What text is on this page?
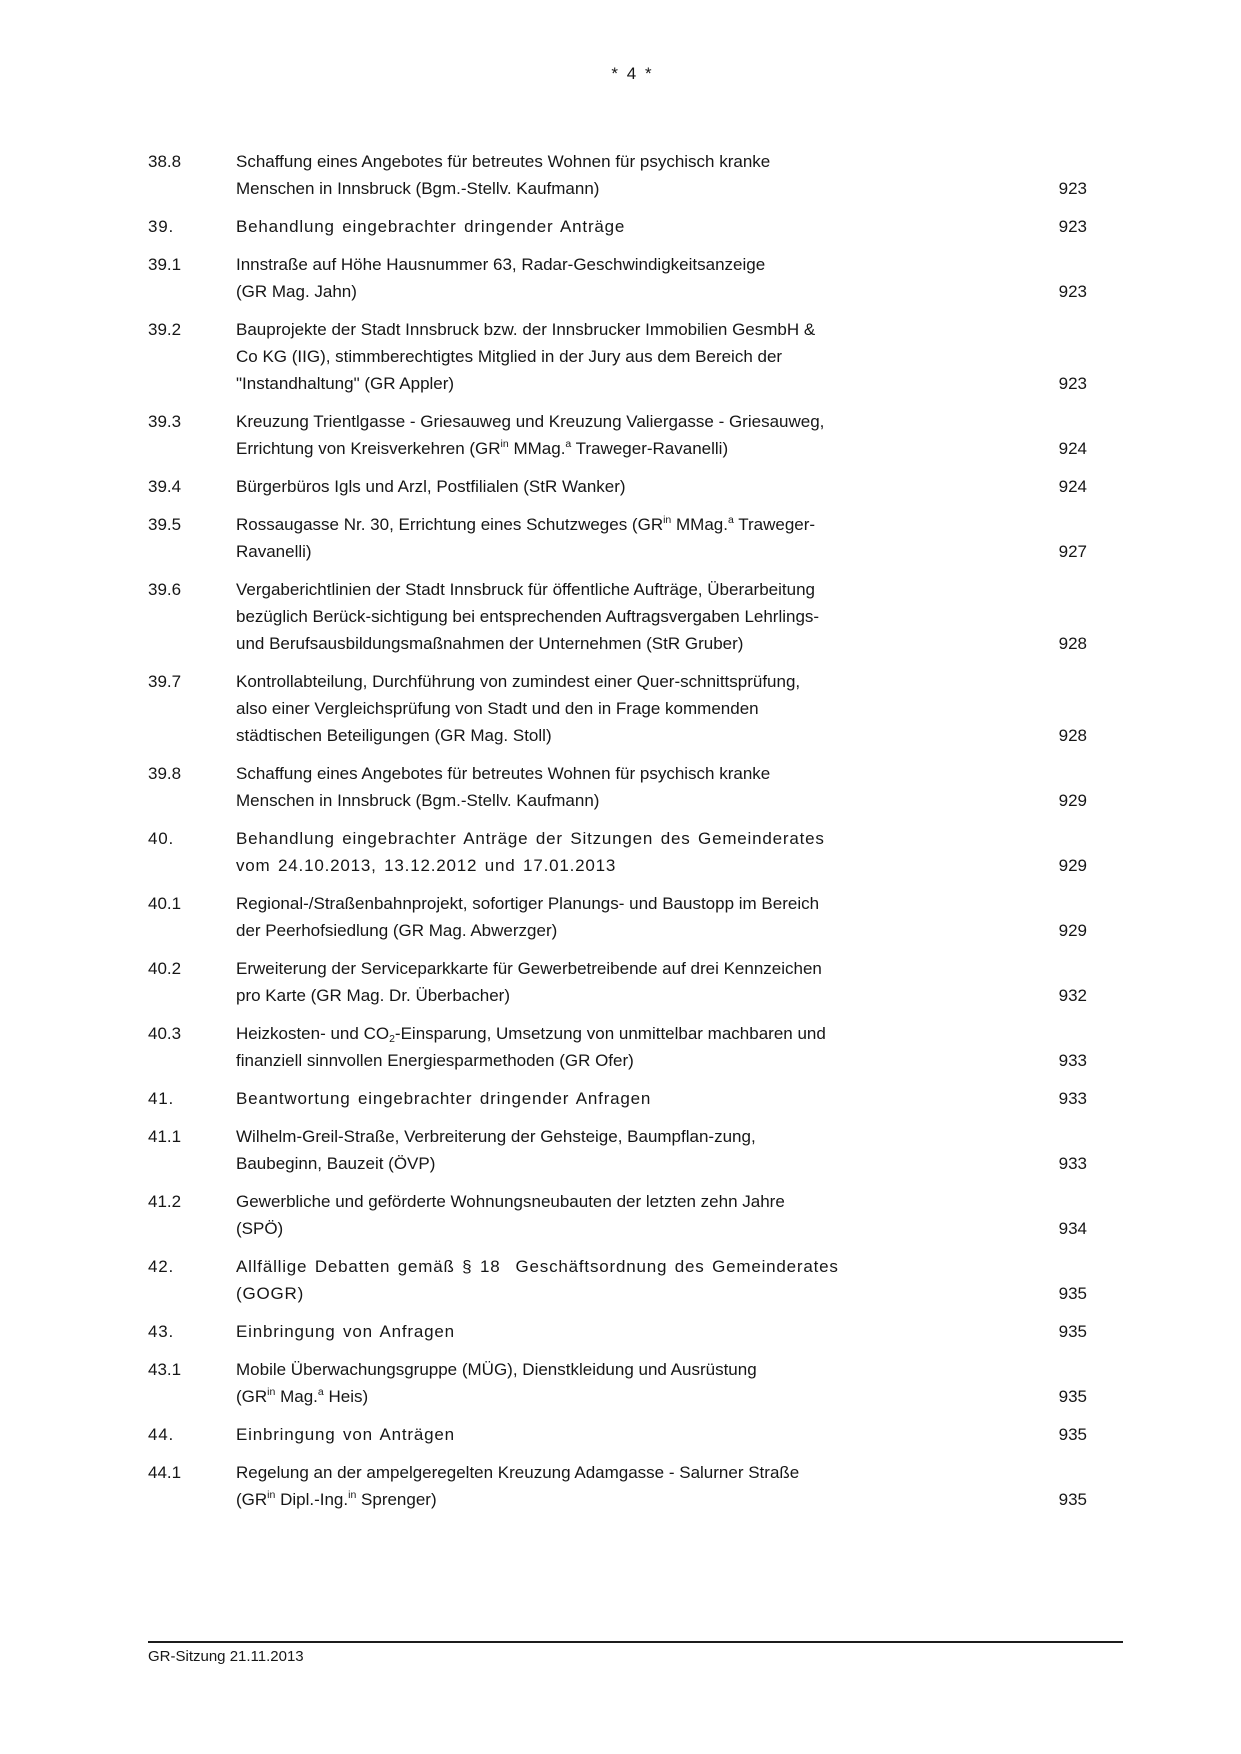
* 4 *
38.8	Schaffung eines Angebotes für betreutes Wohnen für psychisch kranke
Menschen in Innsbruck (Bgm.-Stellv. Kaufmann)	923
39.	Behandlung eingebrachter dringender Anträge	923
39.1	Innstraße auf Höhe Hausnummer 63, Radar-Geschwindigkeitsanzeige
(GR Mag. Jahn)	923
39.2	Bauprojekte der Stadt Innsbruck bzw. der Innsbrucker Immobilien GesmbH &
Co KG (IIG), stimmberechtigtes Mitglied in der Jury aus dem Bereich der
"Instandhaltung" (GR Appler)	923
39.3	Kreuzung Trientlgasse - Griesauweg und Kreuzung Valiergasse - Griesauweg,
Errichtung von Kreisverkehren ($GR^{in}$ MMag.$^a$ Traweger-Ravanelli)	924
39.4	Bürgerbüros Igls und Arzl, Postfilialen (StR Wanker)	924
39.5	Rossaugasse Nr. 30, Errichtung eines Schutzweges ($GR^{in}$ MMag.$^a$ Traweger-
Ravanelli)	927
39.6	Vergaberichtlinien der Stadt Innsbruck für öffentliche Aufträge, Überarbeitung
bezüglich Berück-sichtigung bei entsprechenden Auftragsvergaben Lehrlings-
und Berufsausbildungsmaßnahmen der Unternehmen (StR Gruber)	928
39.7	Kontrollabteilung, Durchführung von zumindest einer Quer-schnittsprüfung,
also einer Vergleichsprüfung von Stadt und den in Frage kommenden
städtischen Beteiligungen (GR Mag. Stoll)	928
39.8	Schaffung eines Angebotes für betreutes Wohnen für psychisch kranke
Menschen in Innsbruck (Bgm.-Stellv. Kaufmann)	929
40.	Behandlung eingebrachter Anträge der Sitzungen des Gemeinderates
vom 24.10.2013, 13.12.2012 und 17.01.2013	929
40.1	Regional-/Straßenbahnprojekt, sofortiger Planungs- und Baustopp im Bereich
der Peerhofsiedlung (GR Mag. Abwerzger)	929
40.2	Erweiterung der Serviceparkkarte für Gewerbetreibende auf drei Kennzeichen
pro Karte (GR Mag. Dr. Überbacher)	932
40.3	Heizkosten- und $CO_2$-Einsparung, Umsetzung von unmittelbar machbaren und
finanziell sinnvollen Energiesparmethoden (GR Ofer)	933
41.	Beantwortung eingebrachter dringender Anfragen	933
41.1	Wilhelm-Greil-Straße, Verbreiterung der Gehsteige, Baumpflan-zung,
Baubeginn, Bauzeit (ÖVP)	933
41.2	Gewerbliche und geförderte Wohnungsneubauten der letzten zehn Jahre
(SPÖ)	934
42.	Allfällige Debatten gemäß § 18  Geschäftsordnung des Gemeinderates
(GOGR)	935
43.	Einbringung von Anfragen	935
43.1	Mobile Überwachungsgruppe (MÜG), Dienstkleidung und Ausrüstung
($GR^{in}$ Mag.$^a$ Heis)	935
44.	Einbringung von Anträgen	935
44.1	Regelung an der ampelgeregelten Kreuzung Adamgasse - Salurner Straße
($GR^{in}$ Dipl.-Ing.$^{in}$ Sprenger)	935
GR-Sitzung 21.11.2013
